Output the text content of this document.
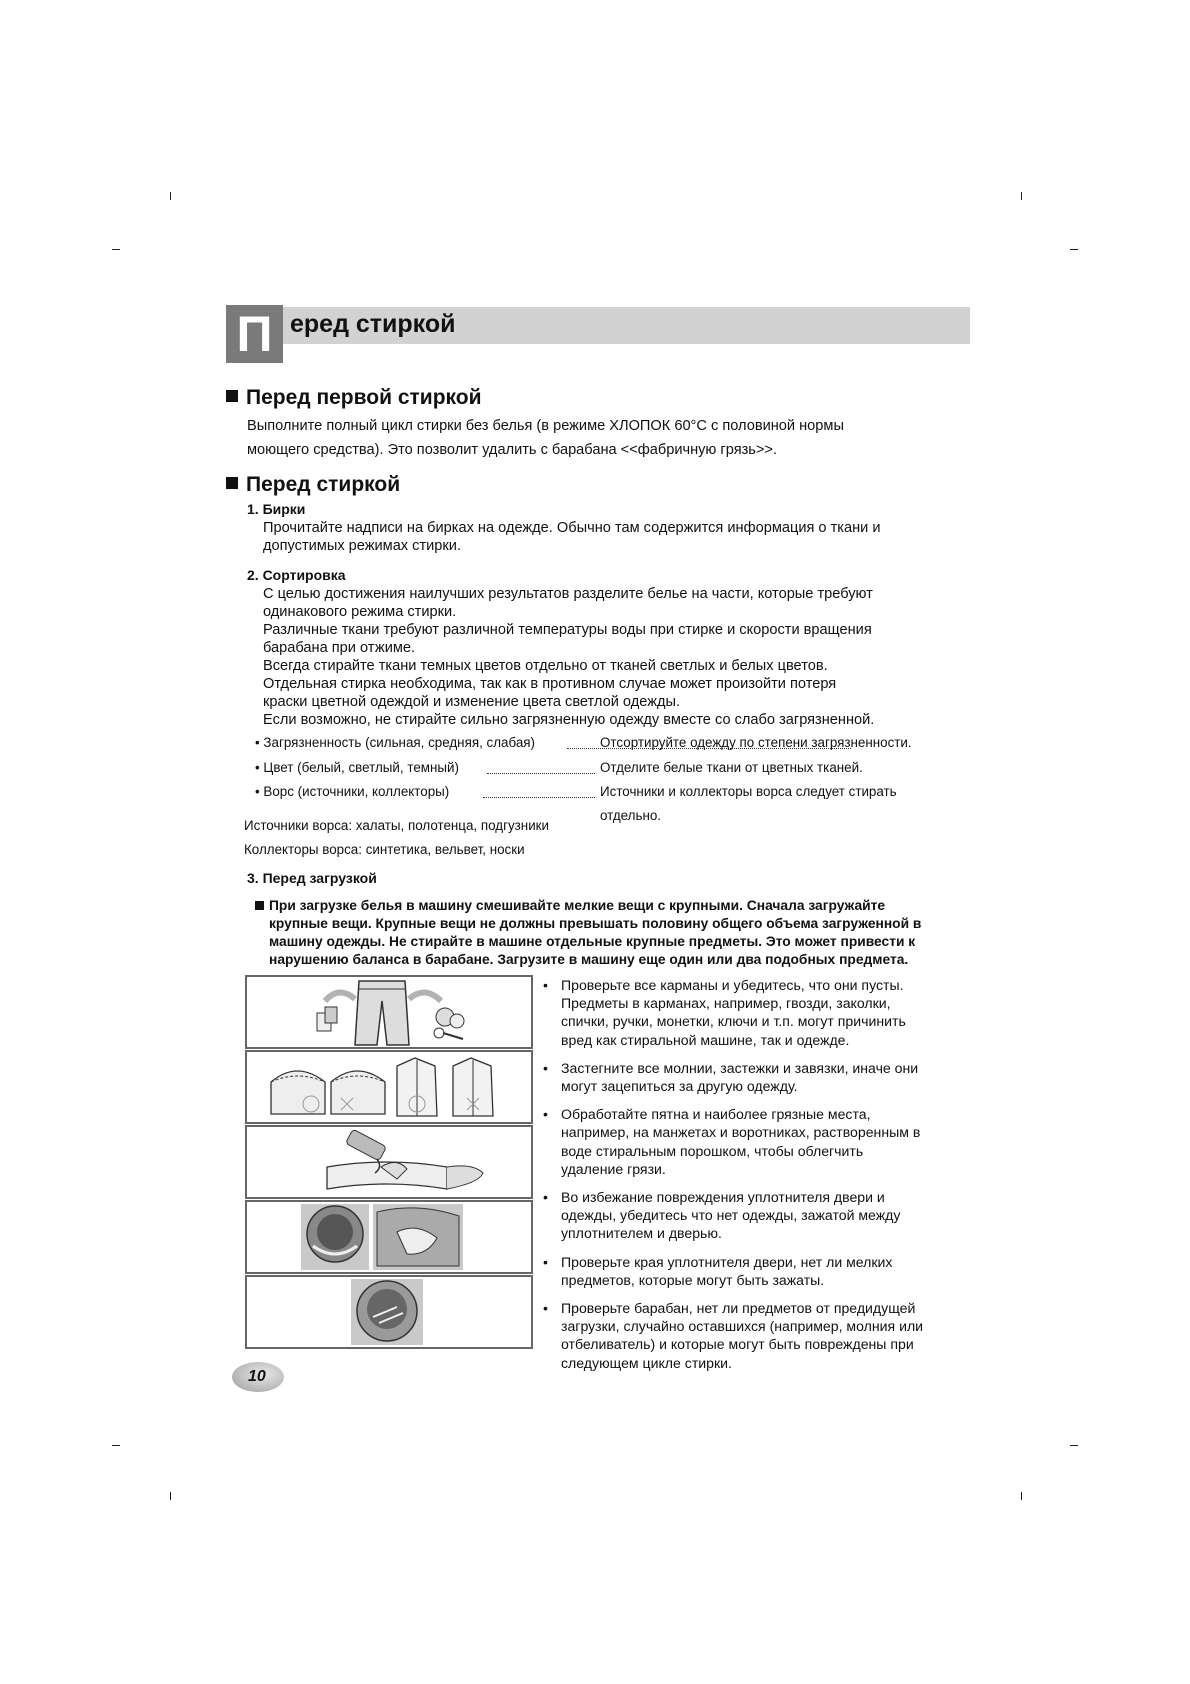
П еред стиркой
Перед первой стиркой
Выполните полный цикл стирки без белья (в режиме ХЛОПОК 60°С с половиной нормы
моющего средства). Это позволит удалить с барабана <<фабричную грязь>>.
Перед стиркой
1. Бирки
Прочитайте надписи на бирках на одежде. Обычно там содержится информация о ткани и
допустимых режимах стирки.
2. Сортировка
С целью достижения наилучших результатов разделите белье на части, которые требуют
одинакового режима стирки.
Различные ткани требуют различной температуры воды при стирке и скорости вращения
барабана при отжиме.
Всегда стирайте ткани темных цветов отдельно от тканей светлых и белых цветов.
Отдельная стирка необходима, так как в противном случае может произойти потеря
краски цветной одеждой и изменение цвета светлой одежды.
Если возможно, не стирайте сильно загрязненную одежду вместе со слабо загрязненной.
• Загрязненность (сильная, средняя, слабая)	Отсортируйте одежду по степени загрязненности.
• Цвет (белый, светлый, темный)	Отделите белые ткани от цветных тканей.
• Ворс (источники, коллекторы)	Источники и коллекторы ворса следует стирать
отдельно.
Источники ворса: халаты, полотенца, подгузники
Коллекторы ворса: синтетика, вельвет, носки
3. Перед загрузкой
При загрузке белья в машину смешивайте мелкие вещи с крупными. Сначала загружайте
крупные вещи. Крупные вещи не должны превышать половину общего объема загруженной в
машину одежды. Не стирайте в машине отдельные крупные предметы. Это может привести к
нарушению баланса в барабане. Загрузите в машину еще один или два подобных предмета.
• Проверьте все карманы и убедитесь, что они пусты.
Предметы в карманах, например, гвозди, заколки,
спички, ручки, монетки, ключи и т.п. могут причинить
вред как стиральной машине, так и одежде.
• Застегните все молнии, застежки и завязки, иначе они
могут зацепиться за другую одежду.
• Обработайте пятна и наиболее грязные места,
например, на манжетах и воротниках, растворенным в
воде стиральным порошком, чтобы облегчить
удаление грязи.
• Во избежание повреждения уплотнителя двери и
одежды, убедитесь что нет одежды, зажатой между
уплотнителем и дверью.
• Проверьте края уплотнителя двери, нет ли мелких
предметов, которые могут быть зажаты.
• Проверьте барабан, нет ли предметов от предидущей
загрузки, случайно оставшихся (например, молния или
отбеливатель) и которые могут быть повреждены при
следующем цикле стирки.
10
